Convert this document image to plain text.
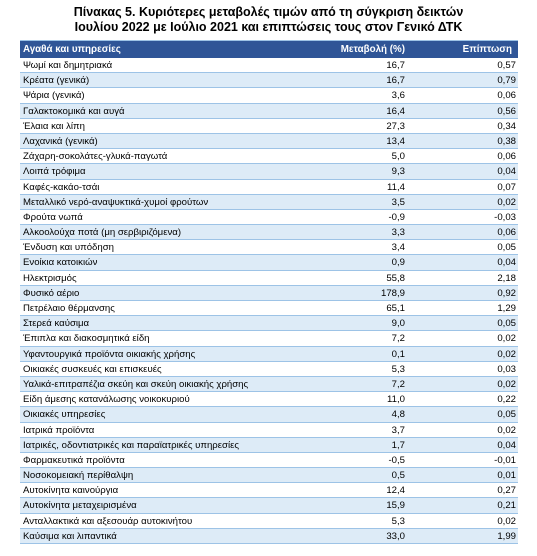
Πίνακας 5. Κυριότερες μεταβολές τιμών από τη σύγκριση δεικτών
Ιουλίου 2022 με Ιούλιο 2021 και επιπτώσεις τους στον Γενικό ΔΤΚ
Αγαθά και υπηρεσίες	Μεταβολή (%)	Επίπτωση
Ψωμί και δημητριακά	16,7	0,57
Κρέατα (γενικά)	16,7	0,79
Ψάρια (γενικά)	3,6	0,06
Γαλακτοκομικά και αυγά	16,4	0,56
Έλαια και λίπη	27,3	0,34
Λαχανικά (γενικά)	13,4	0,38
Ζάχαρη-σοκολάτες-γλυκά-παγωτά	5,0	0,06
Λοιπά τρόφιμα	9,3	0,04
Καφές-κακάο-τσάι	11,4	0,07
Μεταλλικό νερό-αναψυκτικά-χυμοί φρούτων	3,5	0,02
Φρούτα νωπά	-0,9	-0,03
Αλκοολούχα ποτά (μη σερβιριζόμενα)	3,3	0,06
Ένδυση και υπόδηση	3,4	0,05
Ενοίκια κατοικιών	0,9	0,04
Ηλεκτρισμός	55,8	2,18
Φυσικό αέριο	178,9	0,92
Πετρέλαιο θέρμανσης	65,1	1,29
Στερεά καύσιμα	9,0	0,05
Έπιπλα και διακοσμητικά είδη	7,2	0,02
Υφαντουργικά προϊόντα οικιακής χρήσης	0,1	0,02
Οικιακές συσκευές και επισκευές	5,3	0,03
Υαλικά-επιτραπέζια σκεύη και σκεύη οικιακής χρήσης	7,2	0,02
Είδη άμεσης κατανάλωσης νοικοκυριού	11,0	0,22
Οικιακές υπηρεσίες	4,8	0,05
Ιατρικά προϊόντα	3,7	0,02
Ιατρικές, οδοντιατρικές και παραϊατρικές υπηρεσίες	1,7	0,04
Φαρμακευτικά προϊόντα	-0,5	-0,01
Νοσοκομειακή περίθαλψη	0,5	0,01
Αυτοκίνητα καινούργια	12,4	0,27
Αυτοκίνητα μεταχειρισμένα	15,9	0,21
Ανταλλακτικά και αξεσουάρ αυτοκινήτου	5,3	0,02
Καύσιμα και λιπαντικά	33,0	1,99
